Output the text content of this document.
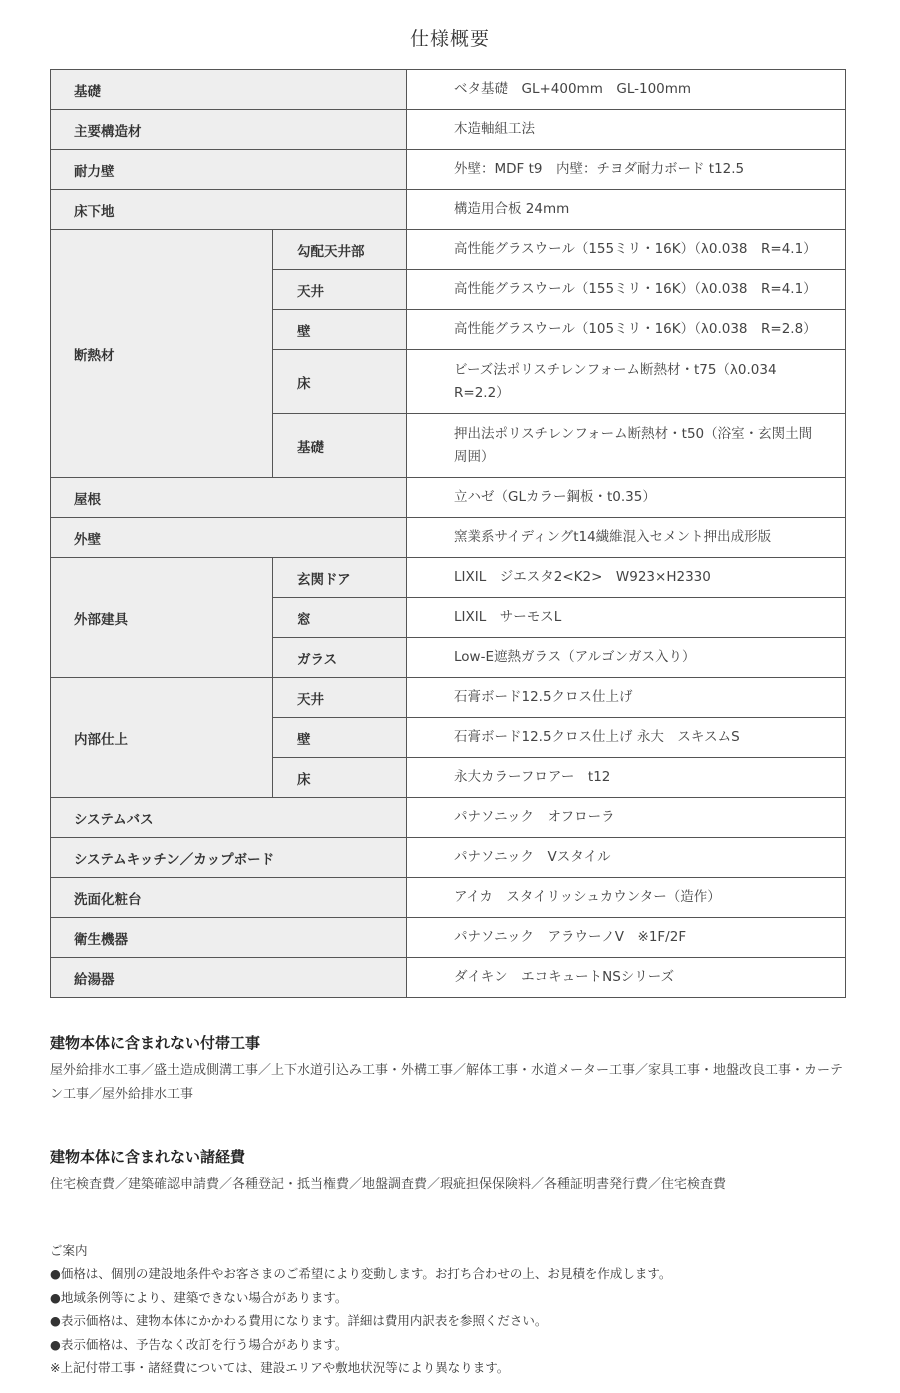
仕様概要
基礎		ベタ基礎　GL+400mm　GL-100mm
主要構造材		木造軸組工法
耐力壁		外壁：MDF t9　内壁：チヨダ耐力ボード t12.5
床下地		構造用合板 24mm
断熱材	勾配天井部	高性能グラスウール（155ミリ・16K）（λ0.038　R=4.1）
	天井	高性能グラスウール（155ミリ・16K）（λ0.038　R=4.1）
	壁	高性能グラスウール（105ミリ・16K）（λ0.038　R=2.8）
	床	ビーズ法ポリスチレンフォーム断熱材・t75（λ0.034　R=2.2）
	基礎	押出法ポリスチレンフォーム断熱材・t50（浴室・玄関土間周囲）
屋根		立ハゼ（GLカラー鋼板・t0.35）
外壁		窯業系サイディングt14繊維混入セメント押出成形版
外部建具	玄関ドア	LIXIL　ジエスタ2<K2>　W923×H2330
	窓	LIXIL　サーモスL
	ガラス	Low-E遮熱ガラス（アルゴンガス入り）
内部仕上	天井	石膏ボード12.5クロス仕上げ
	壁	石膏ボード12.5クロス仕上げ 永大　スキスムS
	床	永大カラーフロアー　t12
システムバス		パナソニック　オフローラ
システムキッチン／カップボード		パナソニック　Vスタイル
洗面化粧台		アイカ　スタイリッシュカウンター（造作）
衛生機器		パナソニック　アラウーノV　※1F/2F
給湯器		ダイキン　エコキュートNSシリーズ
建物本体に含まれない付帯工事
屋外給排水工事／盛土造成側溝工事／上下水道引込み工事・外構工事／解体工事・水道メーター工事／家具工事・地盤改良工事・カーテン工事／屋外給排水工事
建物本体に含まれない諸経費
住宅検査費／建築確認申請費／各種登記・抵当権費／地盤調査費／瑕疵担保保険料／各種証明書発行費／住宅検査費
ご案内
●価格は、個別の建設地条件やお客さまのご希望により変動します。お打ち合わせの上、お見積を作成します。
●地域条例等により、建築できない場合があります。
●表示価格は、建物本体にかかわる費用になります。詳細は費用内訳表を参照ください。
●表示価格は、予告なく改訂を行う場合があります。
※上記付帯工事・諸経費については、建設エリアや敷地状況等により異なります。
